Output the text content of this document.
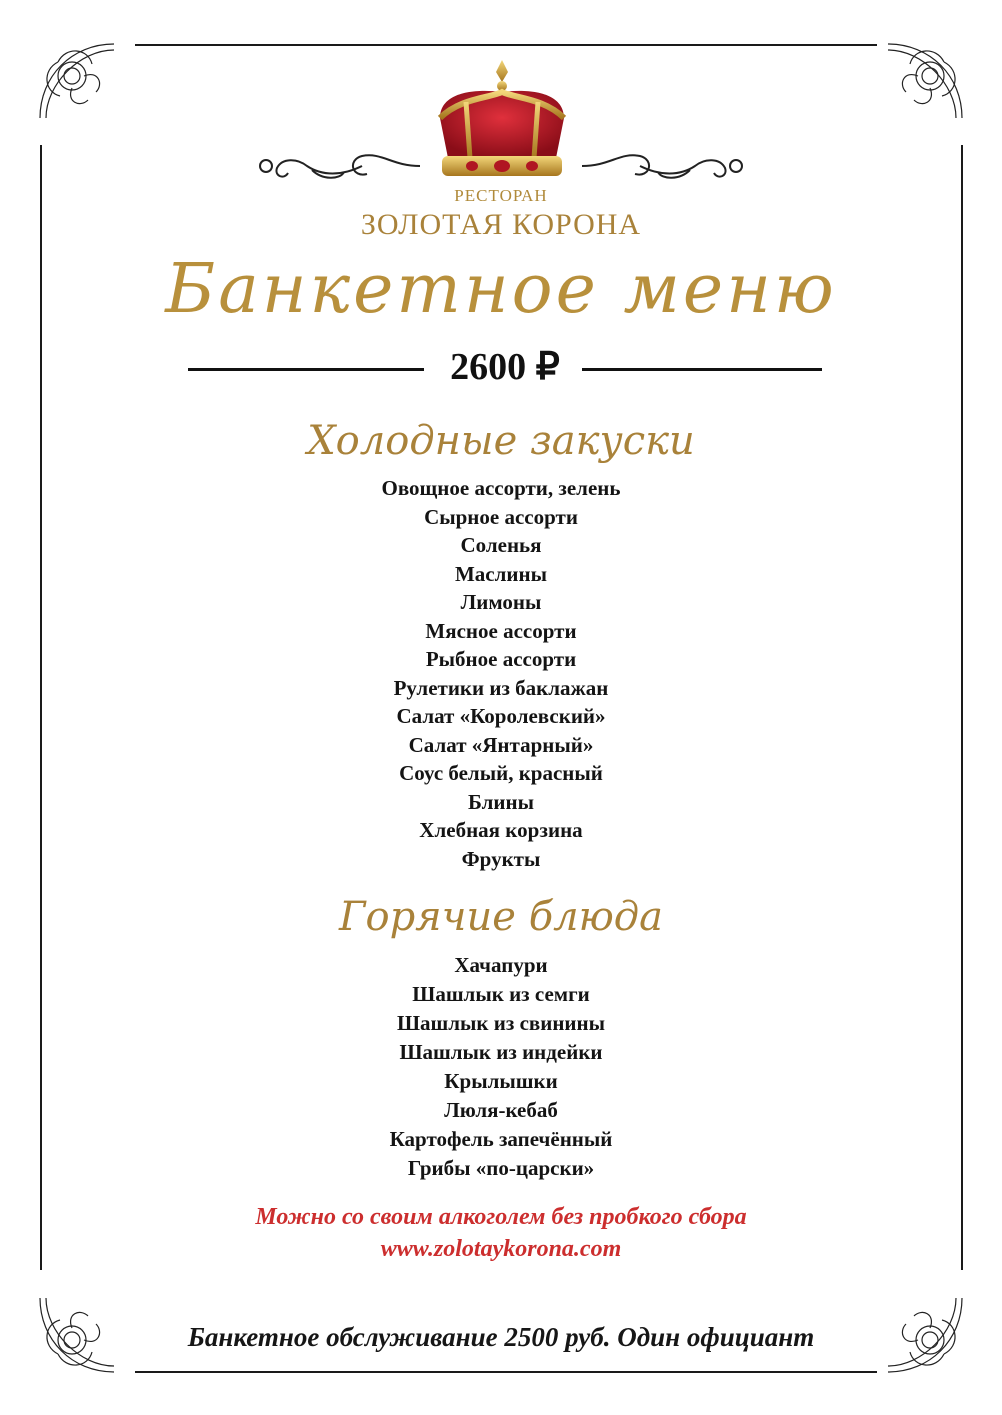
РЕСТОРАН
ЗОЛОТАЯ КОРОНА
Банкетное меню
2600 ₽
Холодные закуски
Овощное ассорти, зелень
Сырное ассорти
Соленья
Маслины
Лимоны
Мясное ассорти
Рыбное ассорти
Рулетики из баклажан
Салат «Королевский»
Салат «Янтарный»
Соус белый, красный
Блины
Хлебная корзина
Фрукты
Горячие блюда
Хачапури
Шашлык из семги
Шашлык из свинины
Шашлык из индейки
Крылышки
Люля-кебаб
Картофель запечённый
Грибы «по-царски»
Можно со своим алкоголем без пробкого сбора
www.zolotaykorona.com
Банкетное обслуживание 2500 руб. Один официант
